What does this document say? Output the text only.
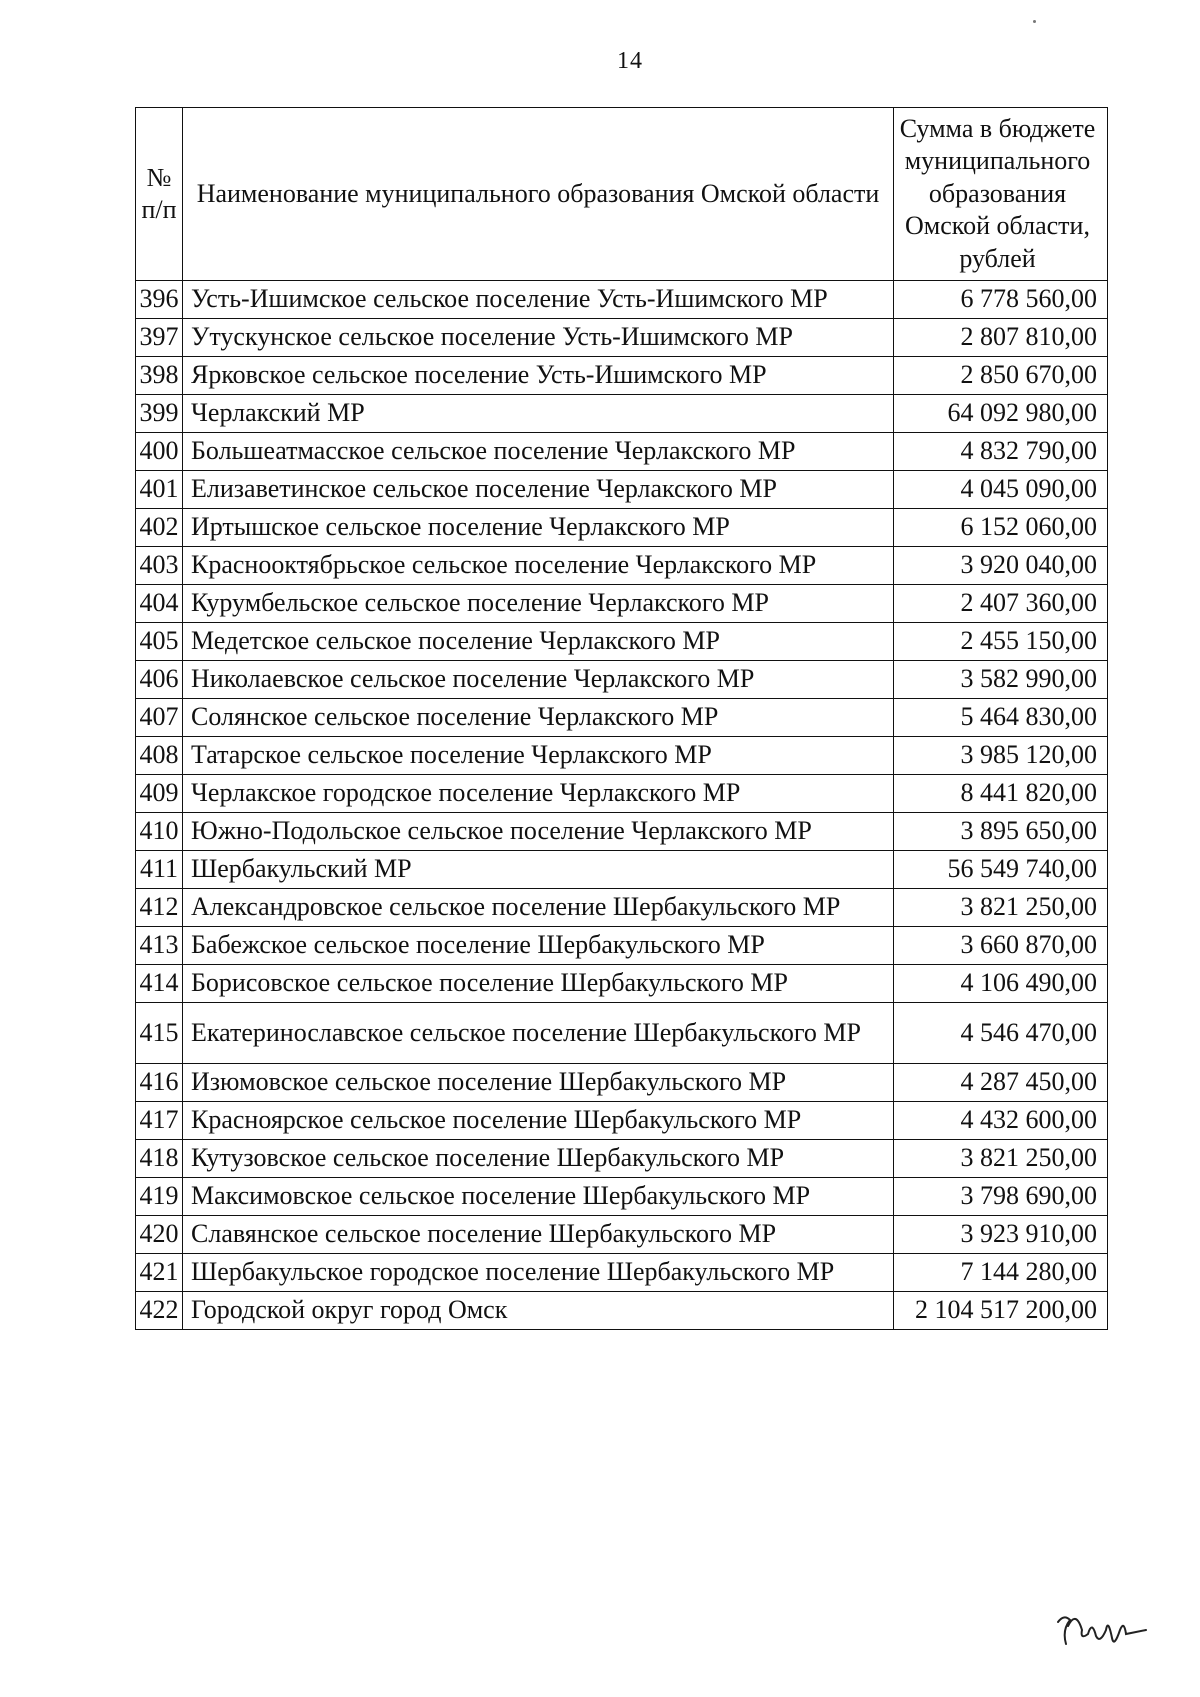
14
№ п/п	Наименование муниципального образования Омской области	Сумма в бюджете муниципального образования Омской области, рублей
396	Усть-Ишимское сельское поселение Усть-Ишимского МР	6 778 560,00
397	Утускунское сельское поселение Усть-Ишимского МР	2 807 810,00
398	Ярковское сельское поселение Усть-Ишимского МР	2 850 670,00
399	Черлакский МР	64 092 980,00
400	Большеатмасское сельское поселение Черлакского МР	4 832 790,00
401	Елизаветинское сельское поселение Черлакского МР	4 045 090,00
402	Иртышское сельское поселение Черлакского МР	6 152 060,00
403	Краснооктябрьское сельское поселение Черлакского МР	3 920 040,00
404	Курумбельское сельское поселение Черлакского МР	2 407 360,00
405	Медетское сельское поселение Черлакского МР	2 455 150,00
406	Николаевское сельское поселение Черлакского МР	3 582 990,00
407	Солянское сельское поселение Черлакского МР	5 464 830,00
408	Татарское сельское поселение Черлакского МР	3 985 120,00
409	Черлакское городское поселение Черлакского МР	8 441 820,00
410	Южно-Подольское сельское поселение Черлакского МР	3 895 650,00
411	Шербакульский МР	56 549 740,00
412	Александровское сельское поселение Шербакульского МР	3 821 250,00
413	Бабежское сельское поселение Шербакульского МР	3 660 870,00
414	Борисовское сельское поселение Шербакульского МР	4 106 490,00
415	Екатеринославское сельское поселение Шербакульского МР	4 546 470,00
416	Изюмовское сельское поселение Шербакульского МР	4 287 450,00
417	Красноярское сельское поселение Шербакульского МР	4 432 600,00
418	Кутузовское сельское поселение Шербакульского МР	3 821 250,00
419	Максимовское сельское поселение Шербакульского МР	3 798 690,00
420	Славянское сельское поселение Шербакульского МР	3 923 910,00
421	Шербакульское городское поселение Шербакульского МР	7 144 280,00
422	Городской округ город Омск	2 104 517 200,00
